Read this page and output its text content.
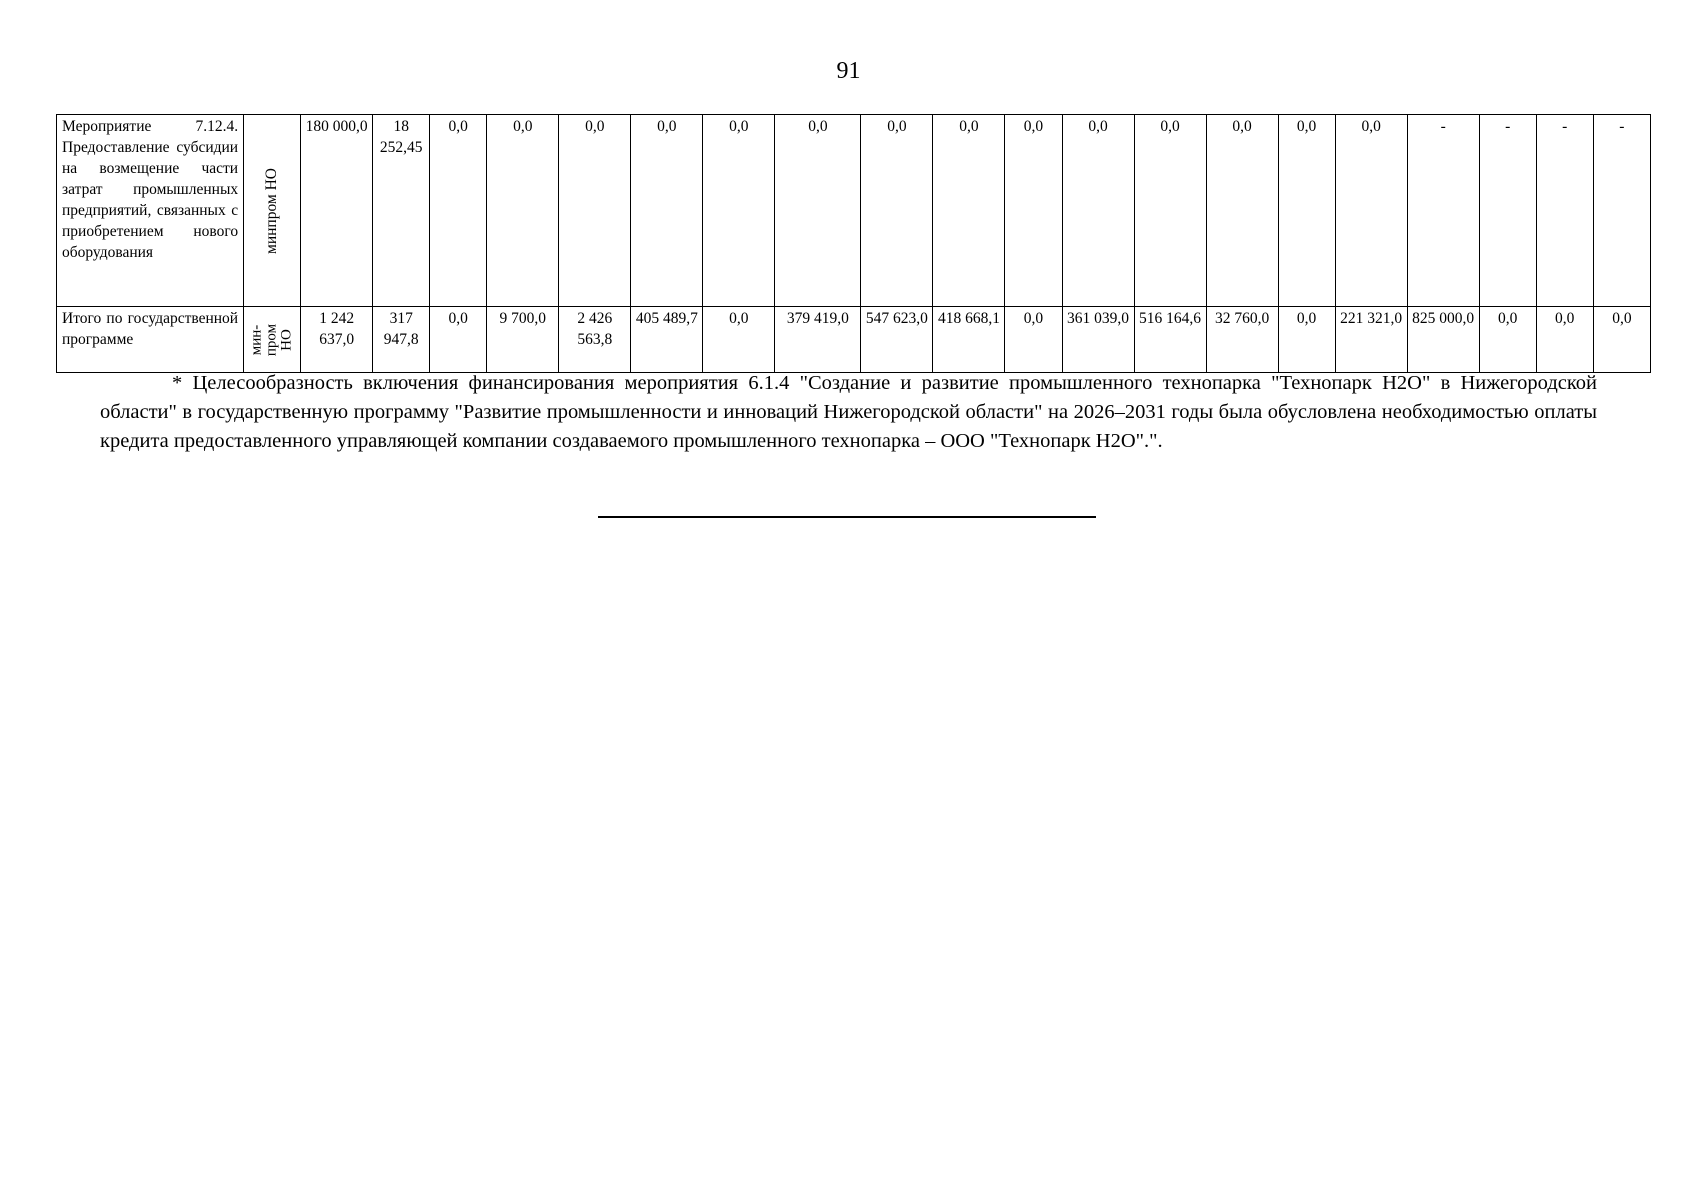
91
Мероприятие 7.12.4. Предоставление субсидии на возмещение части затрат промышленных предприятий, связанных с приобретением нового оборудования	минпром НО	180 000,0	18 252,45	0,0	0,0	0,0	0,0	0,0	0,0	0,0	0,0	0,0	0,0	0,0	0,0	0,0	0,0	-	-	-	-
Итого по государственной программе	мин-
пром
НО	1 242 637,0	317 947,8	0,0	9 700,0	2 426 563,8	405 489,7	0,0	379 419,0	547 623,0	418 668,1	0,0	361 039,0	516 164,6	32 760,0	0,0	221 321,0	825 000,0	0,0	0,0	0,0
* Целесообразность включения финансирования мероприятия 6.1.4 "Создание и развитие промышленного технопарка "Технопарк Н2О" в Нижегородской области" в государственную программу "Развитие промышленности и инноваций Нижегородской области" на 2026–2031 годы была обусловлена необходимостью оплаты кредита предоставленного управляющей компании создаваемого промышленного технопарка – ООО "Технопарк Н2О".".
